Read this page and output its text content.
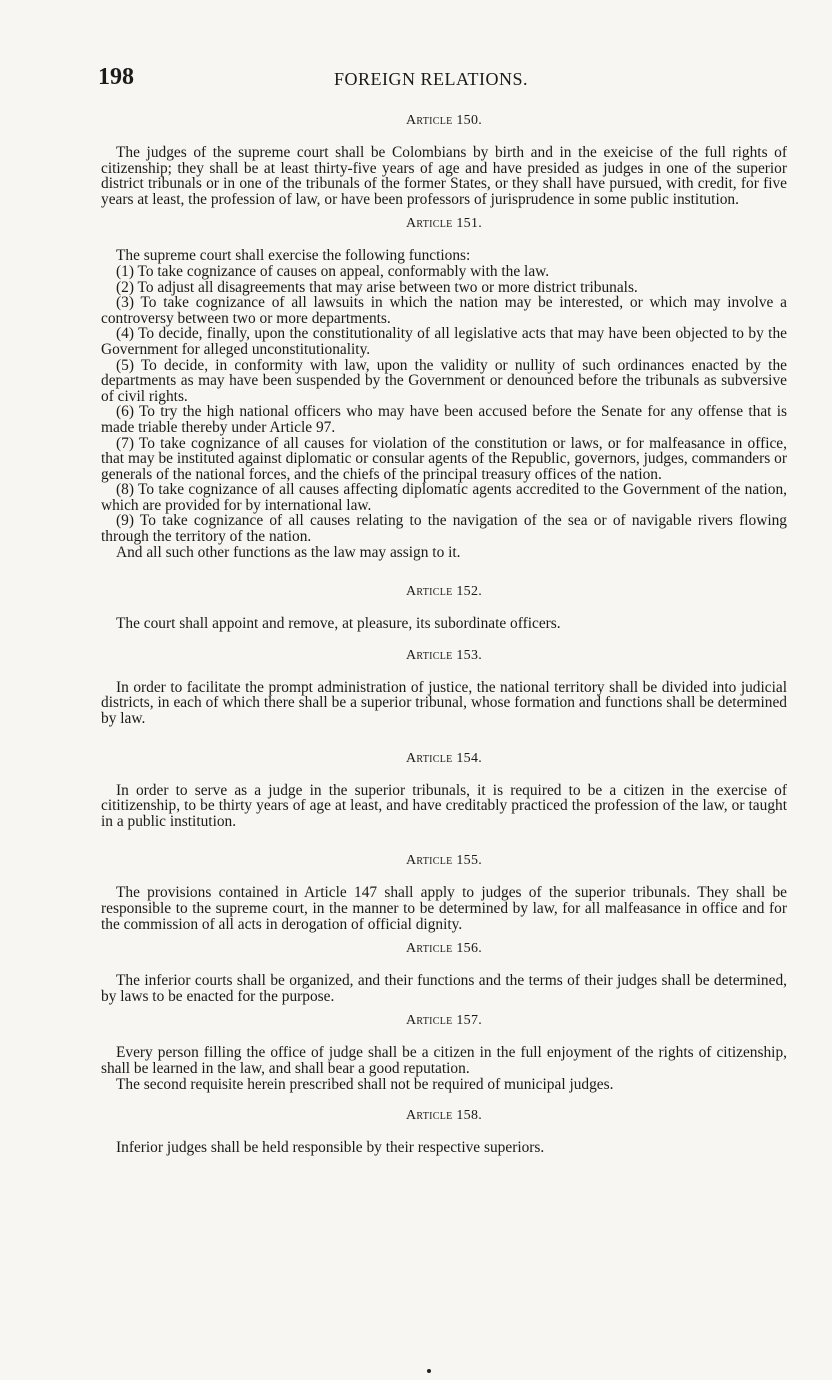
198	FOREIGN RELATIONS.
Article 150.

The judges of the supreme court shall be Colombians by birth and in the exeicise of the full rights of citizenship; they shall be at least thirty-five years of age and have presided as judges in one of the superior district tribunals or in one of the tribunals of the former States, or they shall have pursued, with credit, for five years at least, the profession of law, or have been professors of jurisprudence in some public institution.

Article 151.

The supreme court shall exercise the following functions:

(1) To take cognizance of causes on appeal, conformably with the law.

(2) To adjust all disagreements that may arise between two or more district tribunals.

(3) To take cognizance of all lawsuits in which the nation may be interested, or which may involve a controversy between two or more departments.

(4) To decide, finally, upon the constitutionality of all legislative acts that may have been objected to by the Government for alleged unconstitutionality.

(5) To decide, in conformity with law, upon the validity or nullity of such ordinances enacted by the departments as may have been suspended by the Government or denounced before the tribunals as subversive of civil rights.

(6) To try the high national officers who may have been accused before the Senate for any offense that is made triable thereby under Article 97.

(7) To take cognizance of all causes for violation of the constitution or laws, or for malfeasance in office, that may be instituted against diplomatic or consular agents of the Republic, governors, judges, commanders or generals of the national forces, and the chiefs of the principal treasury offices of the nation.

(8) To take cognizance of all causes affecting diplomatic agents accredited to the Government of the nation, which are provided for by international law.

(9) To take cognizance of all causes relating to the navigation of the sea or of navigable rivers flowing through the territory of the nation.

And all such other functions as the law may assign to it.

Article 152.

The court shall appoint and remove, at pleasure, its subordinate officers.

Article 153.

In order to facilitate the prompt administration of justice, the national territory shall be divided into judicial districts, in each of which there shall be a superior tribunal, whose formation and functions shall be determined by law.

Article 154.

In order to serve as a judge in the superior tribunals, it is required to be a citizen in the exercise of cititizenship, to be thirty years of age at least, and have creditably practiced the profession of the law, or taught in a public institution.

Article 155.

The provisions contained in Article 147 shall apply to judges of the superior tribunals. They shall be responsible to the supreme court, in the manner to be determined by law, for all malfeasance in office and for the commission of all acts in derogation of official dignity.

Article 156.

The inferior courts shall be organized, and their functions and the terms of their judges shall be determined, by laws to be enacted for the purpose.

Article 157.

Every person filling the office of judge shall be a citizen in the full enjoyment of the rights of citizenship, shall be learned in the law, and shall bear a good reputation.

The second requisite herein prescribed shall not be required of municipal judges.

Article 158.

Inferior judges shall be held responsible by their respective superiors.
